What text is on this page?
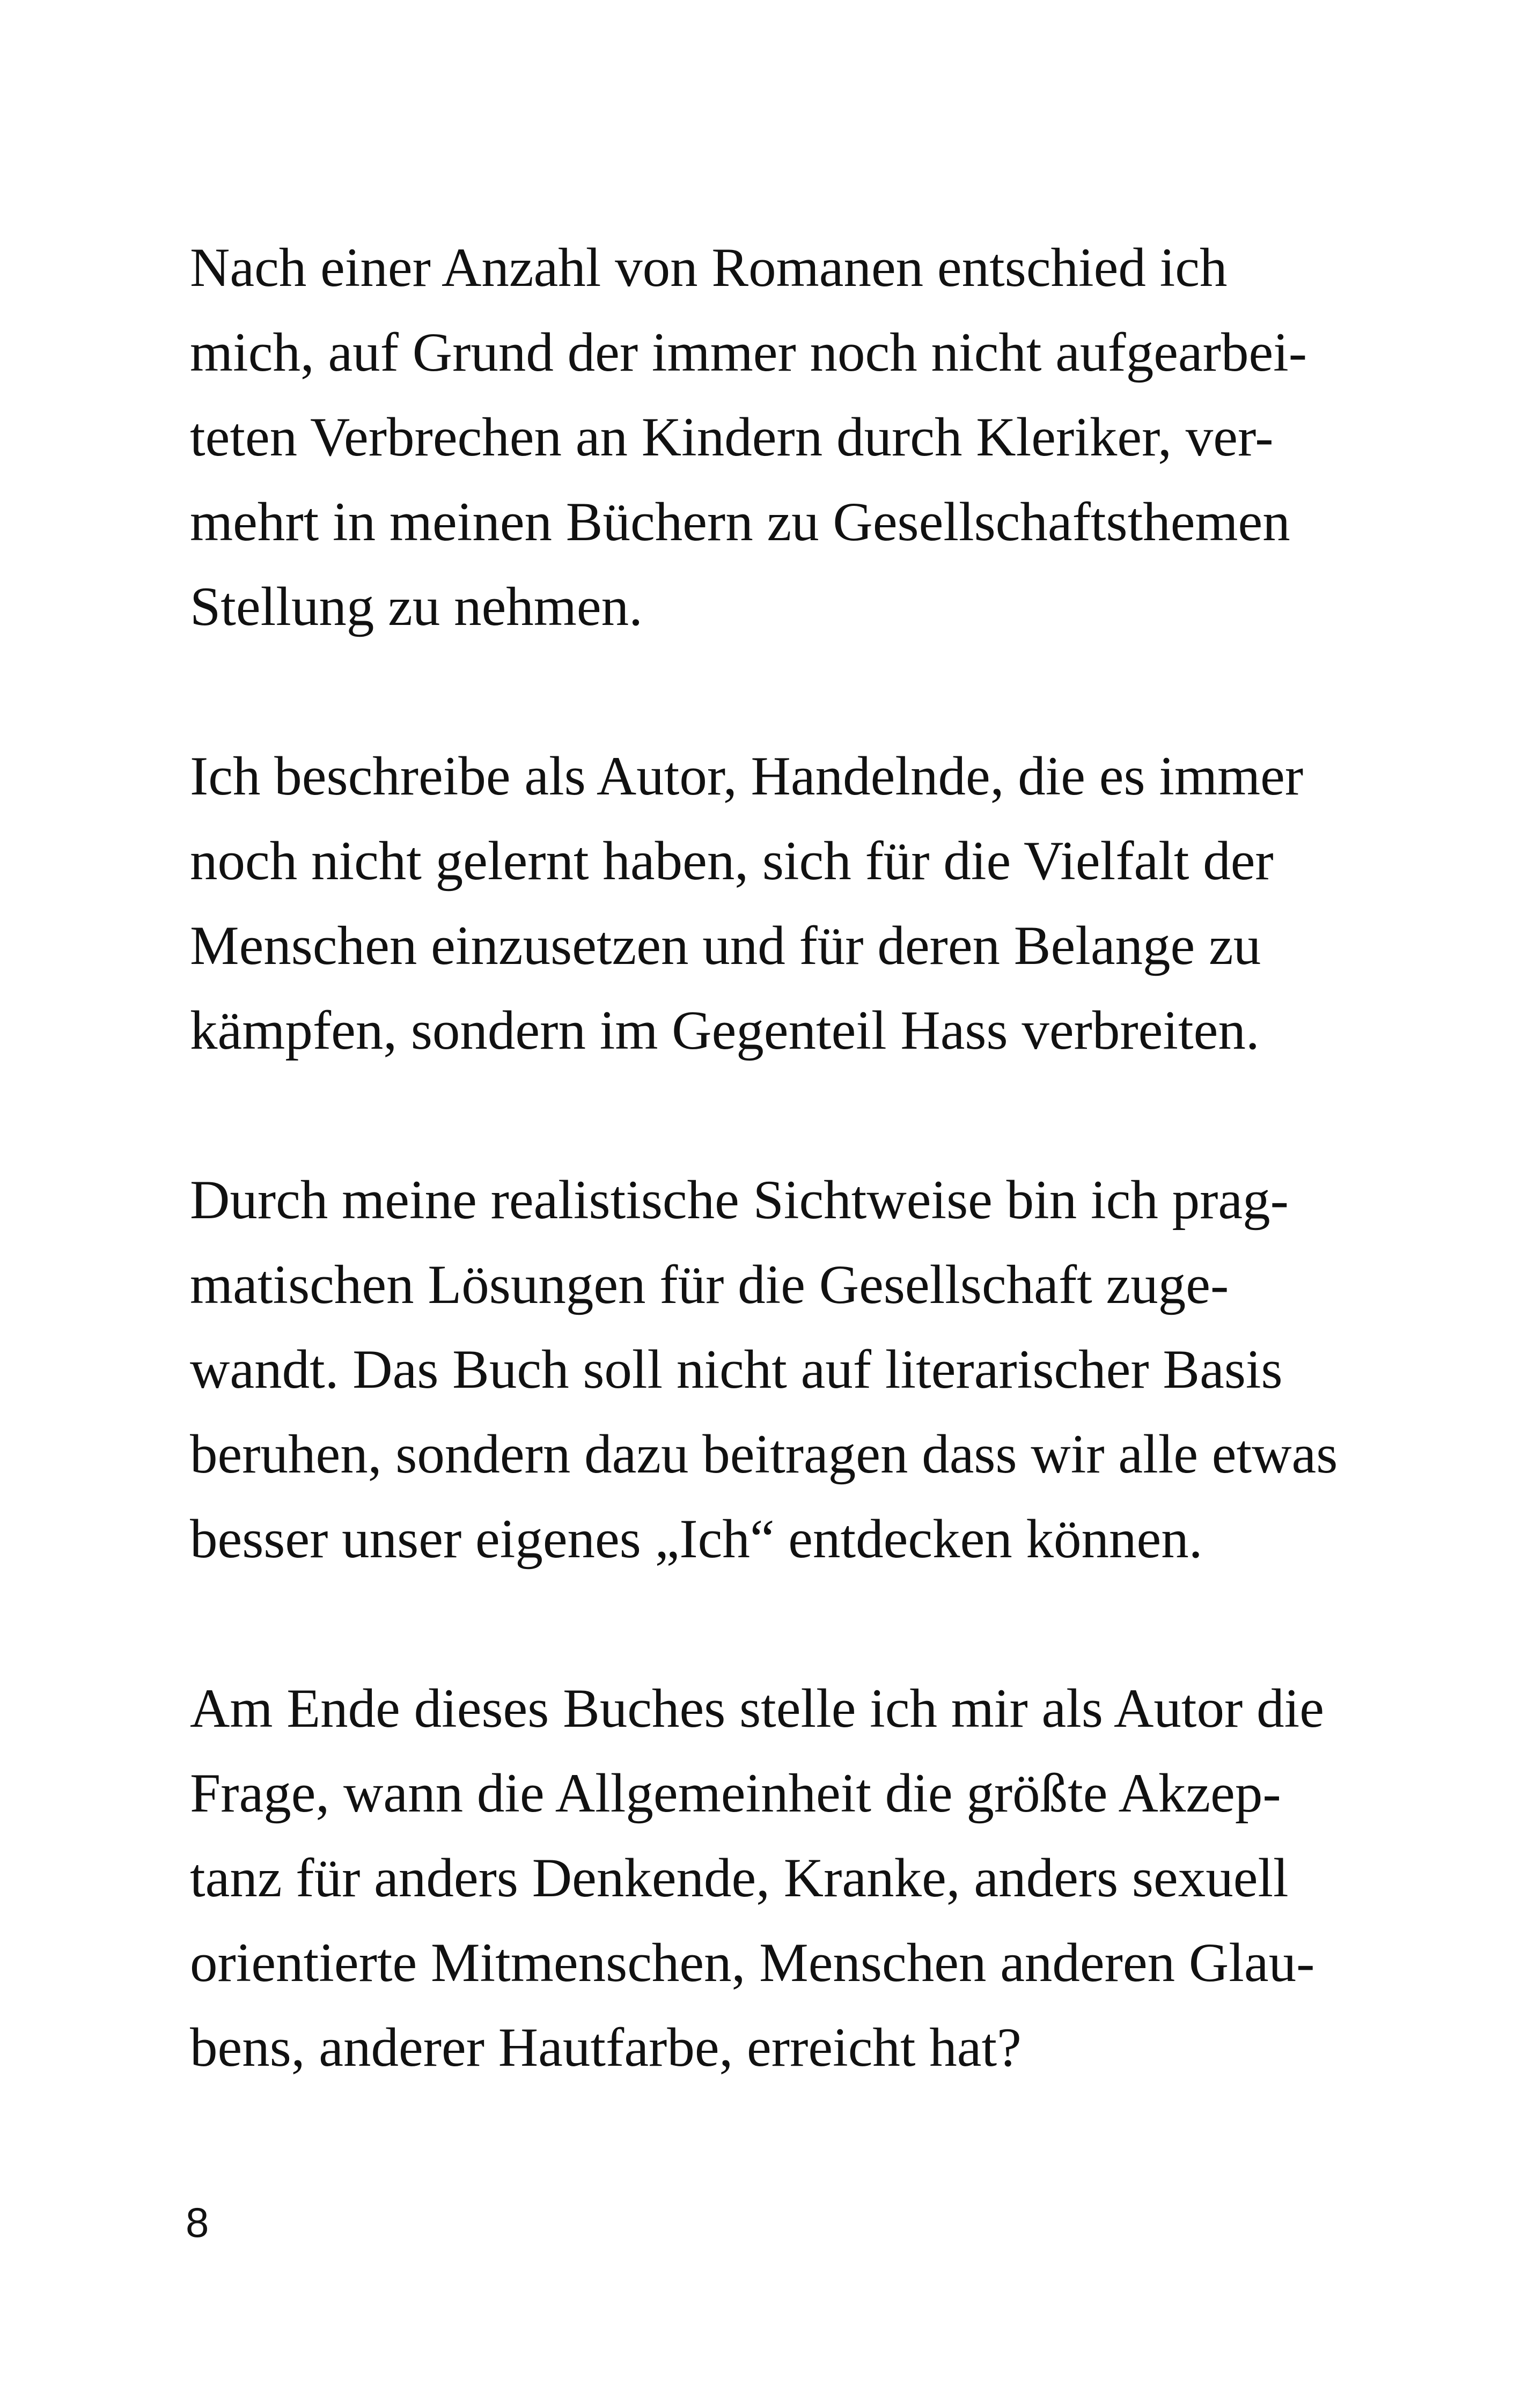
Nach einer Anzahl von Romanen entschied ich
mich, auf Grund der immer noch nicht aufgearbei-
teten Verbrechen an Kindern durch Kleriker, ver-
mehrt in meinen Büchern zu Gesellschaftsthemen
Stellung zu nehmen.

Ich beschreibe als Autor, Handelnde, die es immer
noch nicht gelernt haben, sich für die Vielfalt der
Menschen einzusetzen und für deren Belange zu
kämpfen, sondern im Gegenteil Hass verbreiten.

Durch meine realistische Sichtweise bin ich prag-
matischen Lösungen für die Gesellschaft zuge-
wandt. Das Buch soll nicht auf literarischer Basis
beruhen, sondern dazu beitragen dass wir alle etwas
besser unser eigenes „Ich“ entdecken können.

Am Ende dieses Buches stelle ich mir als Autor die
Frage, wann die Allgemeinheit die größte Akzep-
tanz für anders Denkende, Kranke, anders sexuell
orientierte Mitmenschen, Menschen anderen Glau-
bens, anderer Hautfarbe, erreicht hat?

8
